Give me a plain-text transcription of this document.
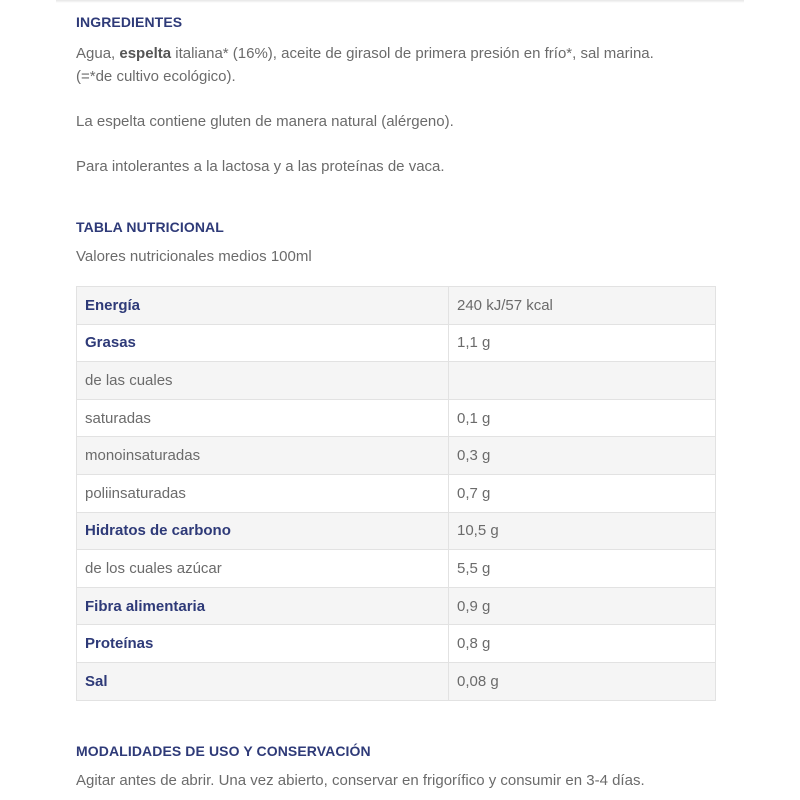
INGREDIENTES

Agua, espelta italiana* (16%), aceite de girasol de primera presión en frío*, sal marina.
(=*de cultivo ecológico).

La espelta contiene gluten de manera natural (alérgeno).

Para intolerantes a la lactosa y a las proteínas de vaca.

TABLA NUTRICIONAL

Valores nutricionales medios 100ml

Energía	240 kJ/57 kcal
Grasas	1,1 g
de las cuales	
saturadas	0,1 g
monoinsaturadas	0,3 g
poliinsaturadas	0,7 g
Hidratos de carbono	10,5 g
de los cuales azúcar	5,5 g
Fibra alimentaria	0,9 g
Proteínas	0,8 g
Sal	0,08 g
MODALIDADES DE USO Y CONSERVACIÓN

Agitar antes de abrir. Una vez abierto, conservar en frigorífico y consumir en 3-4 días.
